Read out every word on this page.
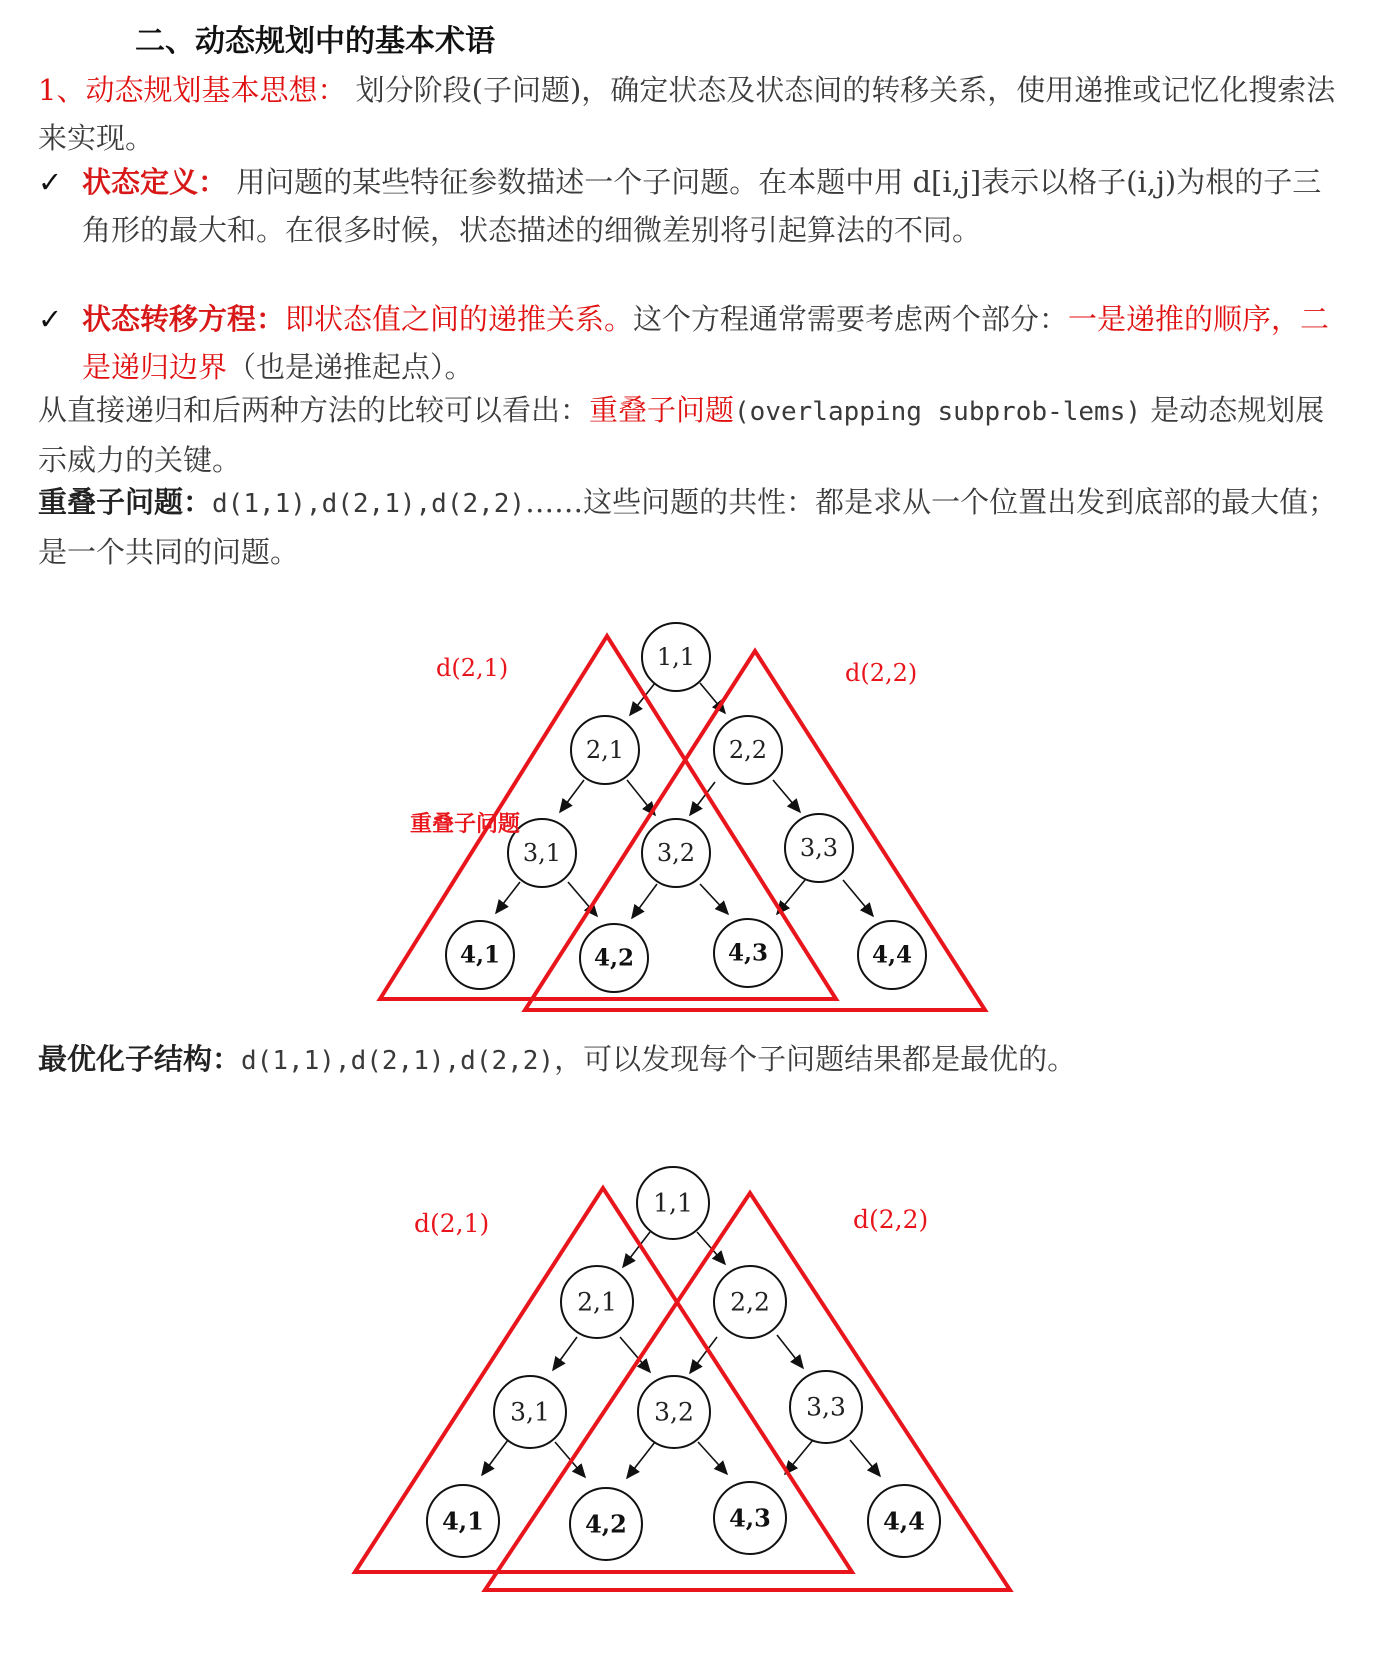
二、动态规划中的基本术语
1、动态规划基本思想： 划分阶段(子问题)，确定状态及状态间的转移关系，使用递推或记忆化搜索法来实现。
✓ 状态定义： 用问题的某些特征参数描述一个子问题。在本题中用 d[i,j]表示以格子(i,j)为根的子三角形的最大和。在很多时候，状态描述的细微差别将引起算法的不同。
✓ 状态转移方程：即状态值之间的递推关系。这个方程通常需要考虑两个部分：一是递推的顺序，二是递归边界（也是递推起点）。
从直接递归和后两种方法的比较可以看出：重叠子问题(overlapping subprob-lems) 是动态规划展示威力的关键。
重叠子问题：d(1,1),d(2,1),d(2,2)……这些问题的共性：都是求从一个位置出发到底部的最大值；是一个共同的问题。
1,1
2,1	2,2
3,1	3,2	3,3
4,1	4,2	4,3	4,4
d(2,1)	d(2,2)
重叠子问题
最优化子结构：d(1,1),d(2,1),d(2,2)，可以发现每个子问题结果都是最优的。
1,1
2,1	2,2
3,1	3,2	3,3
4,1	4,2	4,3	4,4
d(2,1)	d(2,2)
